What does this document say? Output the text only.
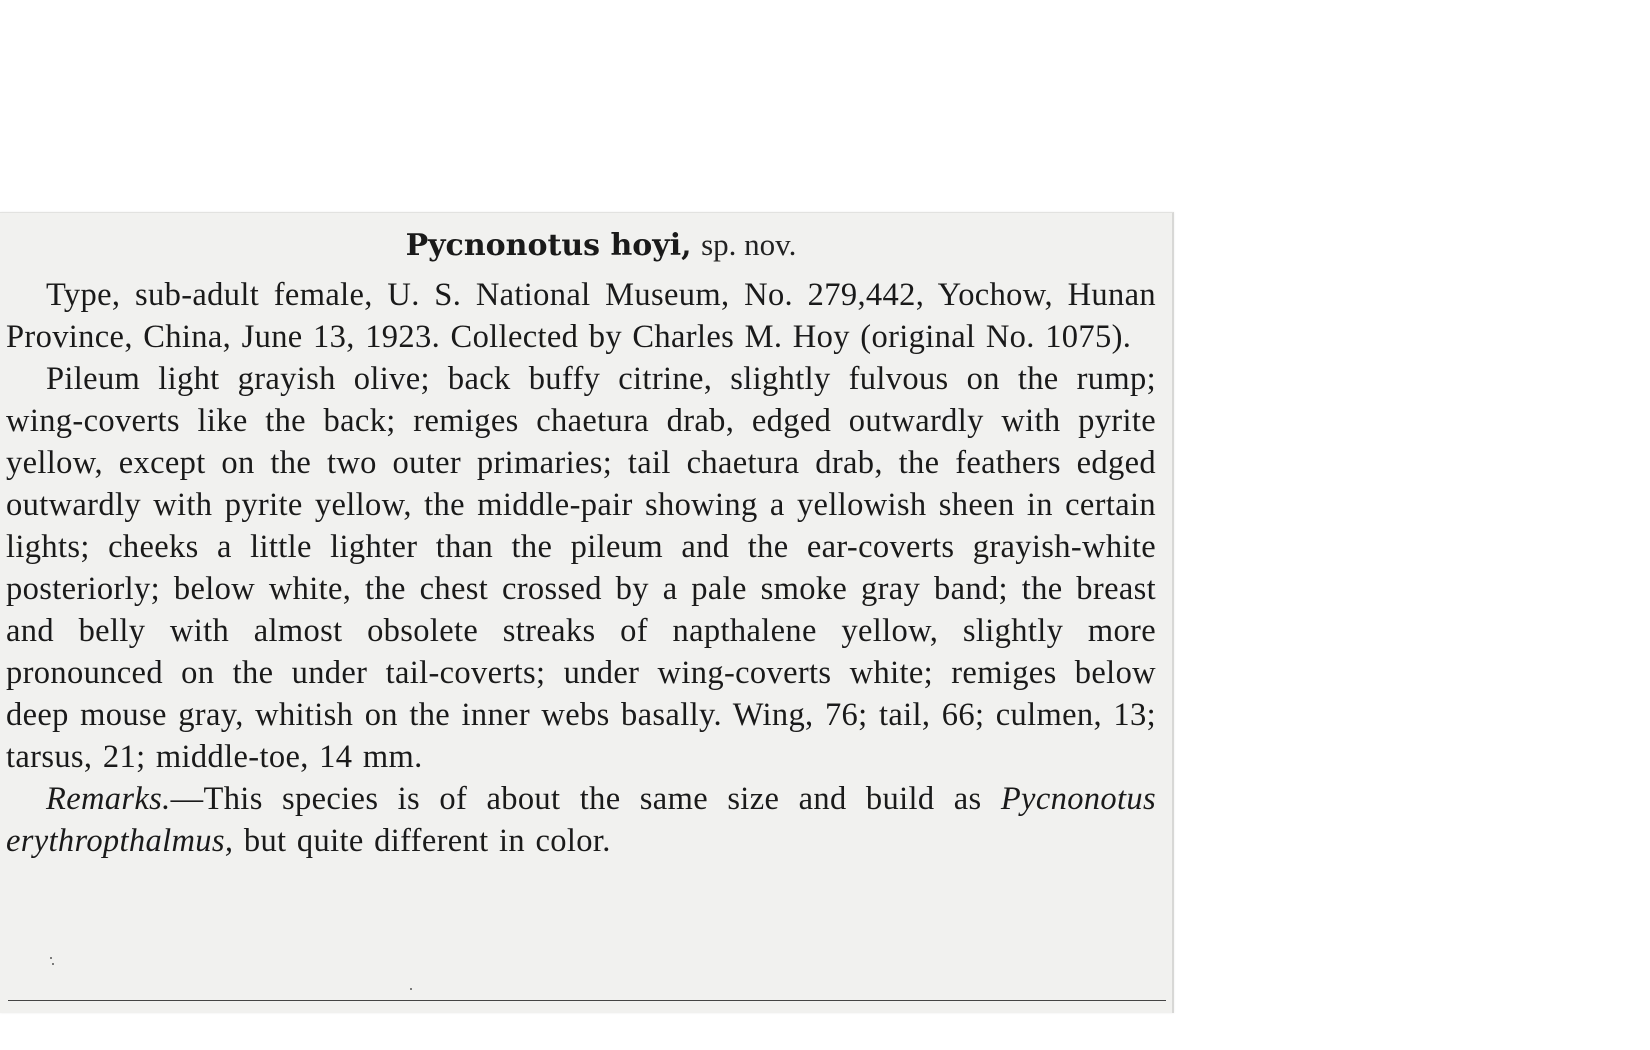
Pycnonotus hoyi, sp. nov.

Type, sub-adult female, U. S. National Museum, No. 279,442, Yochow, Hunan Province, China, June 13, 1923. Collected by Charles M. Hoy (original No. 1075).

Pileum light grayish olive; back buffy citrine, slightly fulvous on the rump; wing-coverts like the back; remiges chaetura drab, edged outwardly with pyrite yellow, except on the two outer primaries; tail chaetura drab, the feathers edged outwardly with pyrite yellow, the middle-pair showing a yellowish sheen in certain lights; cheeks a little lighter than the pileum and the ear-coverts grayish-white posteriorly; below white, the chest crossed by a pale smoke gray band; the breast and belly with almost obsolete streaks of napthalene yellow, slightly more pronounced on the under tail-coverts; under wing-coverts white; remiges below deep mouse gray, whitish on the inner webs basally. Wing, 76; tail, 66; culmen, 13; tarsus, 21; middle-toe, 14 mm.

Remarks.—This species is of about the same size and build as Pycnonotus erythropthalmus, but quite different in color.
